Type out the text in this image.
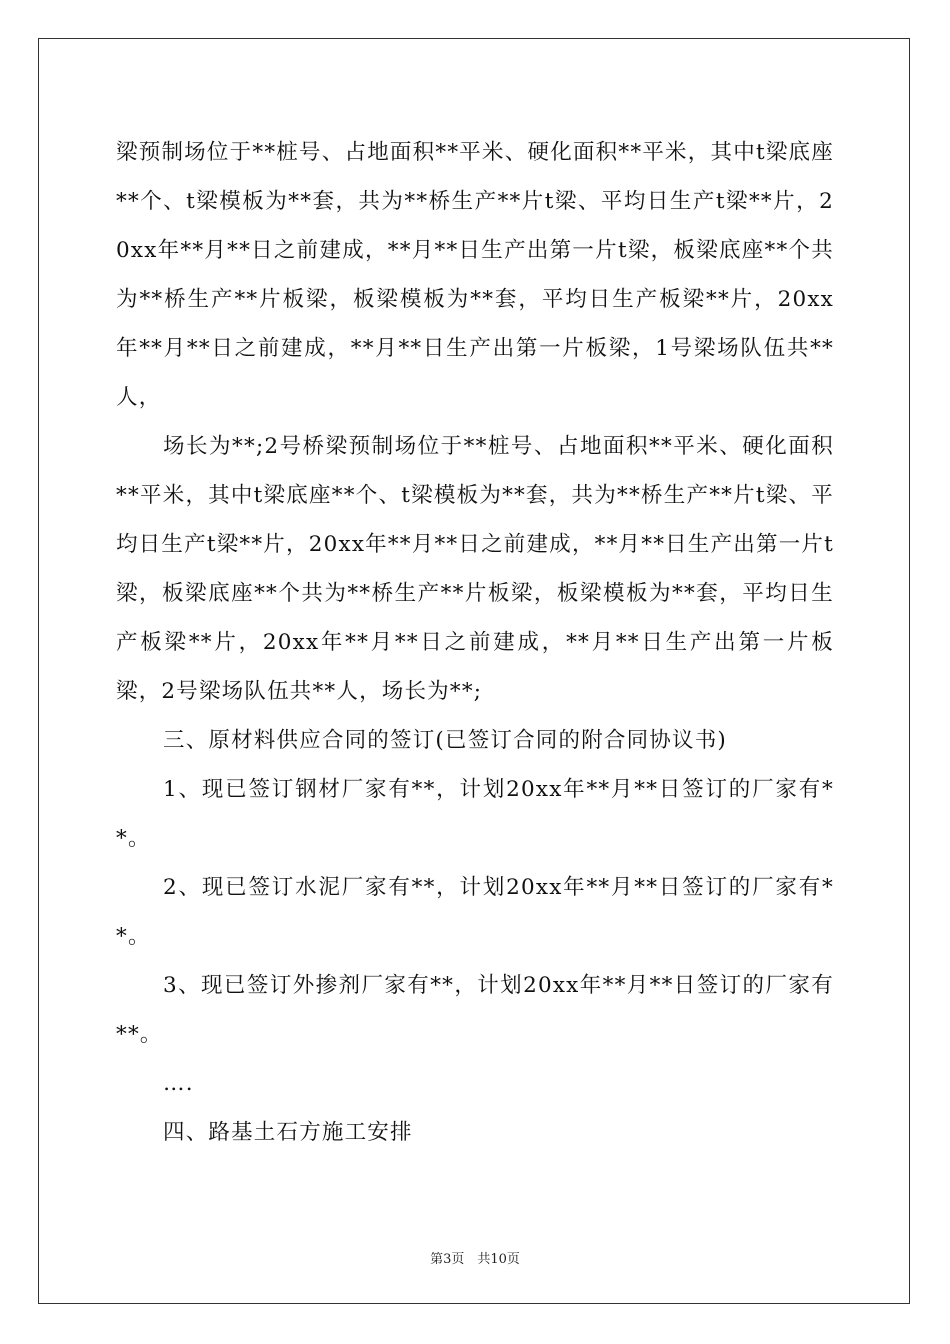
梁预制场位于**桩号、占地面积**平米、硬化面积**平米，其中t梁底座**个、t梁模板为**套，共为**桥生产**片t梁、平均日生产t梁**片，20xx年**月**日之前建成，**月**日生产出第一片t梁，板梁底座**个共为**桥生产**片板梁，板梁模板为**套，平均日生产板梁**片，20xx年**月**日之前建成，**月**日生产出第一片板梁，1号梁场队伍共**人，

场长为**;2号桥梁预制场位于**桩号、占地面积**平米、硬化面积**平米，其中t梁底座**个、t梁模板为**套，共为**桥生产**片t梁、平均日生产t梁**片，20xx年**月**日之前建成，**月**日生产出第一片t梁，板梁底座**个共为**桥生产**片板梁，板梁模板为**套，平均日生产板梁**片，20xx年**月**日之前建成，**月**日生产出第一片板梁，2号梁场队伍共**人，场长为**;

三、原材料供应合同的签订(已签订合同的附合同协议书)

1、现已签订钢材厂家有**，计划20xx年**月**日签订的厂家有**。

2、现已签订水泥厂家有**，计划20xx年**月**日签订的厂家有**。

3、现已签订外掺剂厂家有**，计划20xx年**月**日签订的厂家有**。

….

四、路基土石方施工安排

第3页　共10页
